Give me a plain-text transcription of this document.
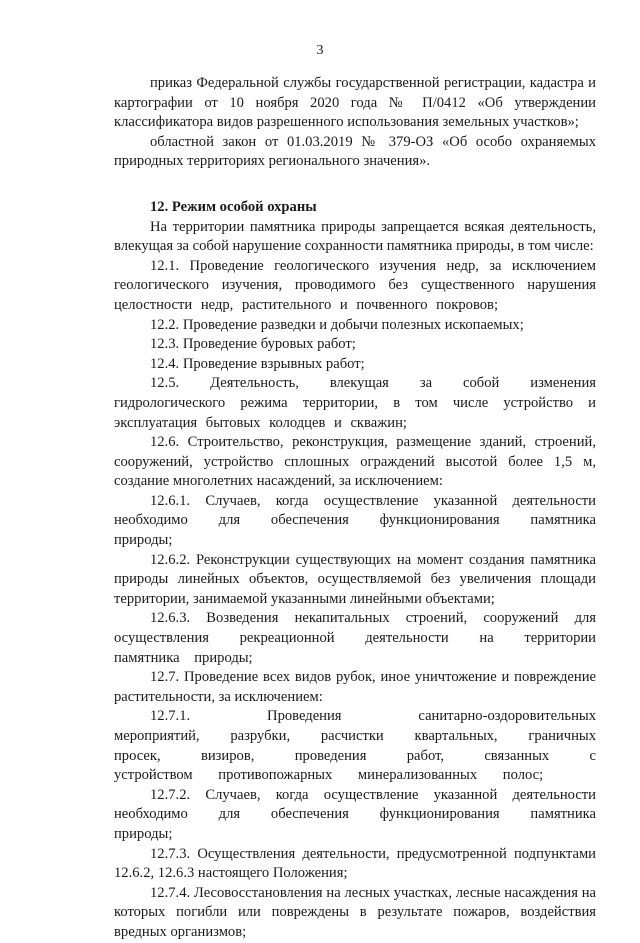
3

приказ Федеральной службы государственной регистрации, кадастра и картографии от 10 ноября 2020 года № П/0412 «Об утверждении классификатора видов разрешенного использования земельных участков»;

областной закон от 01.03.2019 № 379-ОЗ «Об особо охраняемых природных территориях регионального значения».

12. Режим особой охраны

На территории памятника природы запрещается всякая деятельность, влекущая за собой нарушение сохранности памятника природы, в том числе:

12.1. Проведение геологического изучения недр, за исключением геологического изучения, проводимого без существенного нарушения целостности недр, растительного и почвенного покровов;

12.2. Проведение разведки и добычи полезных ископаемых;

12.3. Проведение буровых работ;

12.4. Проведение взрывных работ;

12.5. Деятельность, влекущая за собой изменения гидрологического режима территории, в том числе устройство и эксплуатация бытовых колодцев и скважин;

12.6. Строительство, реконструкция, размещение зданий, строений, сооружений, устройство сплошных ограждений высотой более 1,5 м, создание многолетних насаждений, за исключением:

12.6.1. Случаев, когда осуществление указанной деятельности необходимо для обеспечения функционирования памятника природы;

12.6.2. Реконструкции существующих на момент создания памятника природы линейных объектов, осуществляемой без увеличения площади территории, занимаемой указанными линейными объектами;

12.6.3. Возведения некапитальных строений, сооружений для осуществления рекреационной деятельности на территории памятника природы;

12.7. Проведение всех видов рубок, иное уничтожение и повреждение растительности, за исключением:

12.7.1. Проведения санитарно-оздоровительных мероприятий, разрубки, расчистки квартальных, граничных просек, визиров, проведения работ, связанных с устройством противопожарных минерализованных полос;

12.7.2. Случаев, когда осуществление указанной деятельности необходимо для обеспечения функционирования памятника природы;

12.7.3. Осуществления деятельности, предусмотренной подпунктами 12.6.2, 12.6.3 настоящего Положения;

12.7.4. Лесовосстановления на лесных участках, лесные насаждения на которых погибли или повреждены в результате пожаров, воздействия вредных организмов;
